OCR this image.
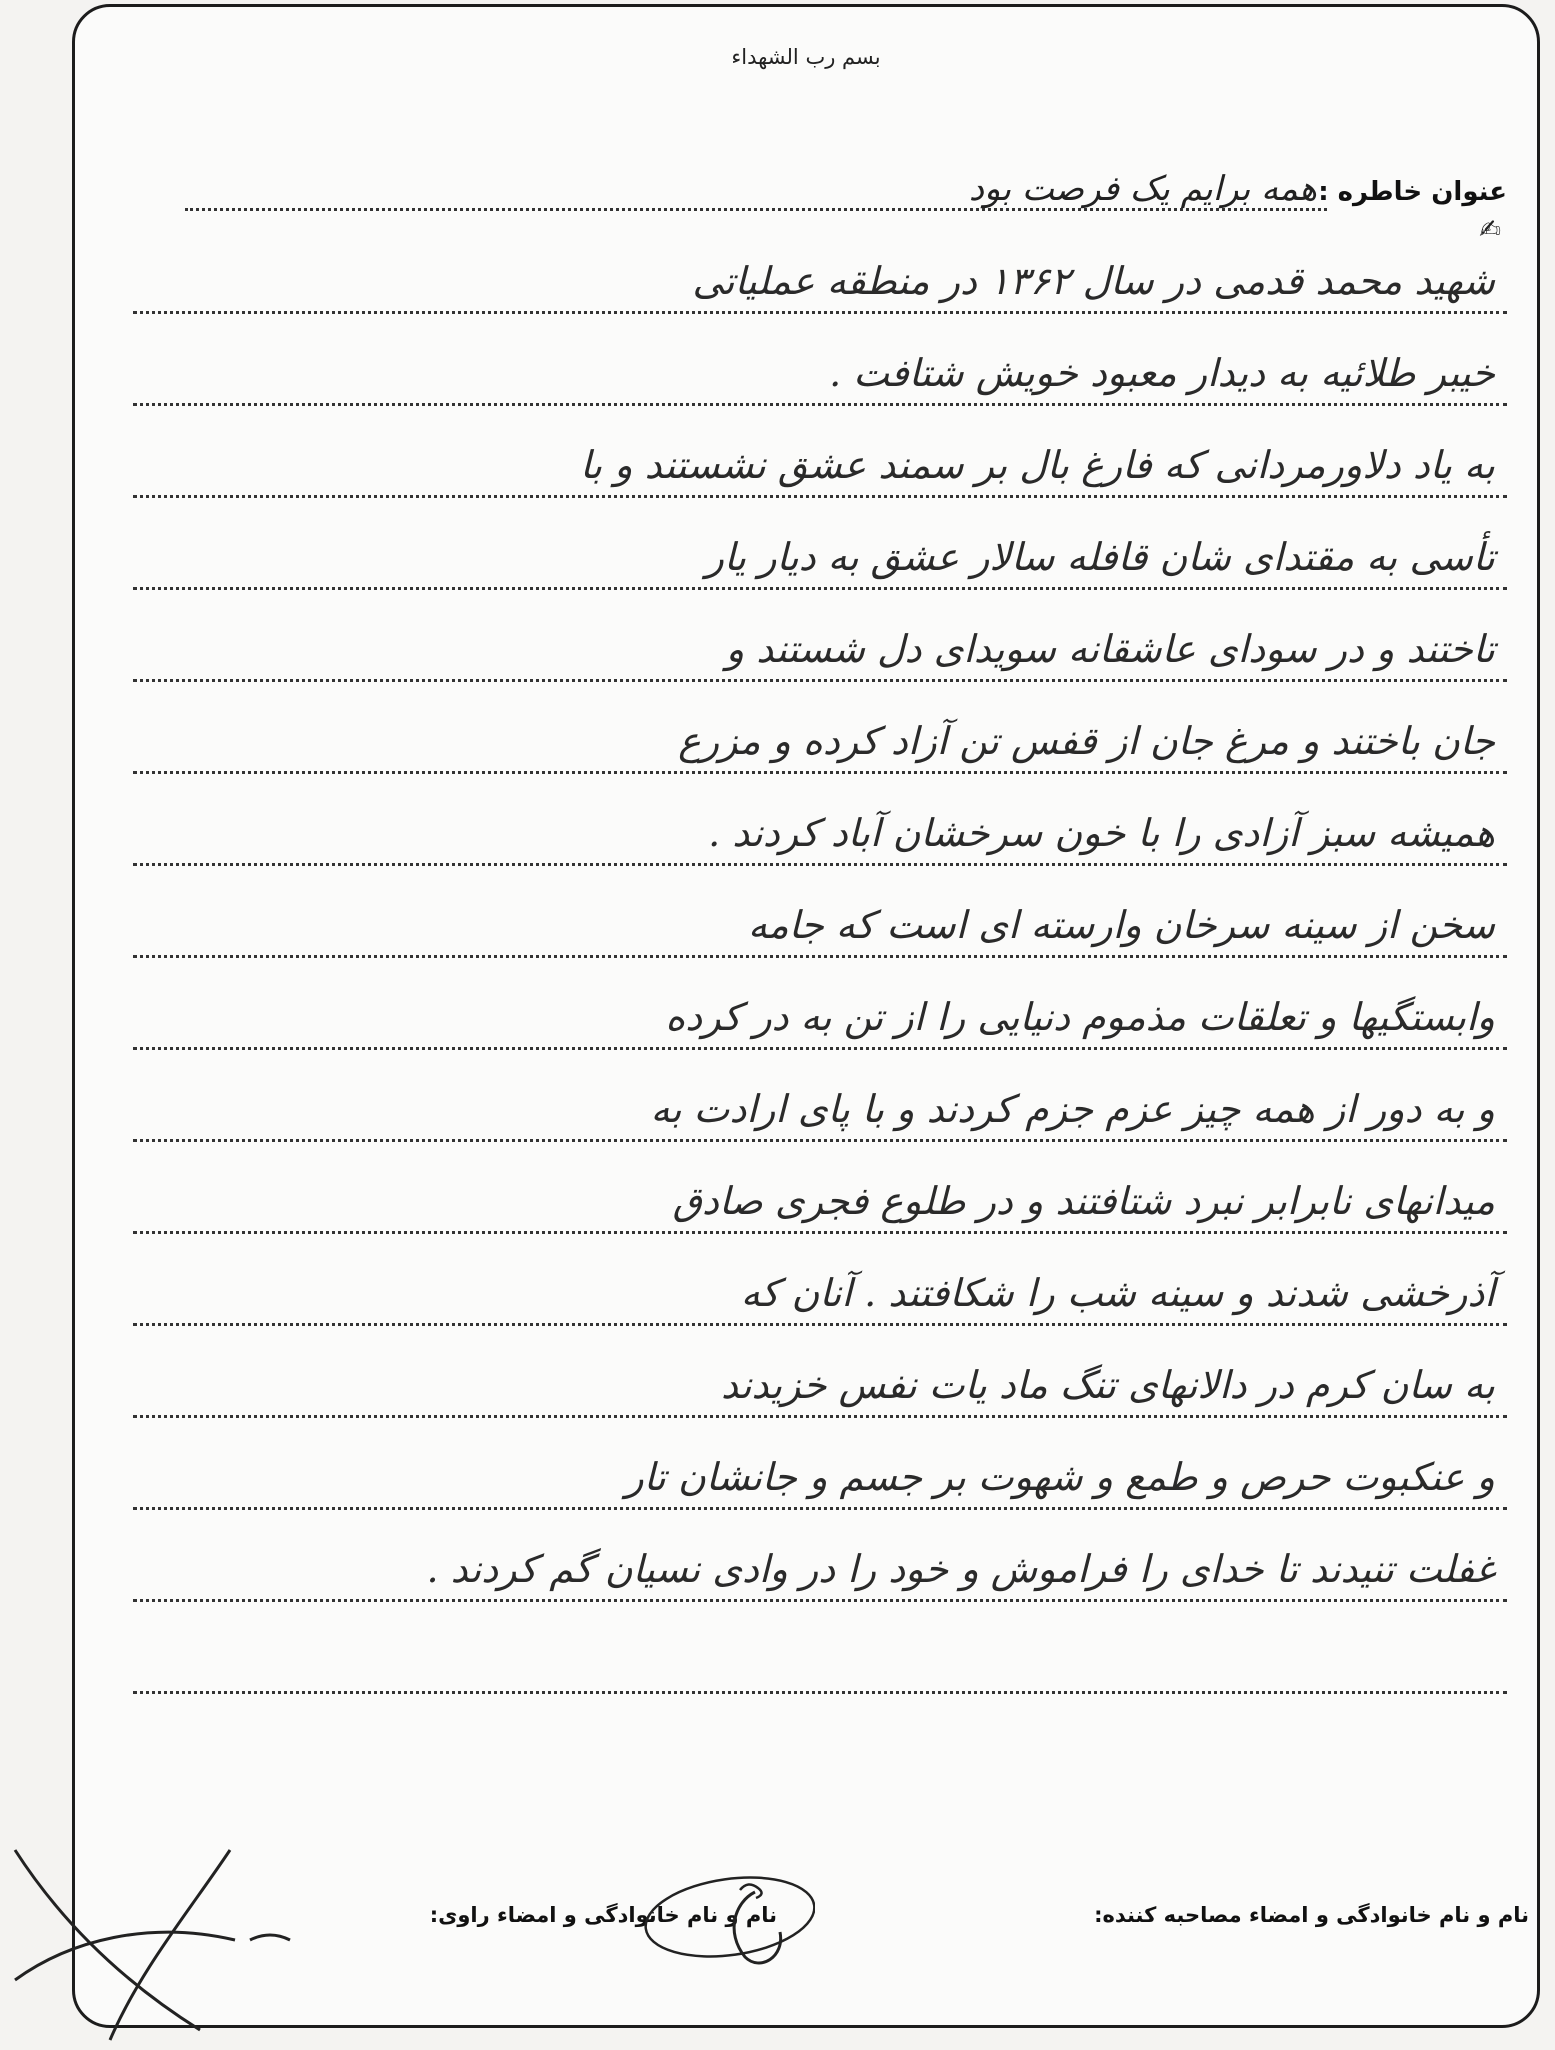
بسم رب الشهداء
عنوان خاطره :
همه برایم یک فرصت بود
شهید محمد قدمی در سال ۱۳۶۲ در منطقه عملیاتی
✍
خیبر طلائیه به دیدار معبود خویش شتافت .
به یاد دلاورمردانی که فارغ بال بر سمند عشق نشستند و با
تأسی به مقتدای شان قافله سالار عشق به دیار یار
تاختند و در سودای عاشقانه سویدای دل شستند و
جان باختند و مرغ جان از قفس تن آزاد کرده و مزرع
همیشه سبز آزادی را با خون سرخشان آباد کردند .
سخن از سینه سرخان وارسته ای است که جامه
وابستگیها و تعلقات مذموم دنیایی را از تن به در کرده
و به دور از همه چیز عزم جزم کردند و با پای ارادت به
میدانهای نابرابر نبرد شتافتند و در طلوع فجری صادق
آذرخشی شدند و سینه شب را شکافتند . آنان که
به سان کرم در دالانهای تنگ ماد یات نفس خزیدند
و عنکبوت حرص و طمع و شهوت بر جسم و جانشان تار
غفلت تنیدند تا خدای را فراموش و خود را در وادی نسیان گم کردند .
نام و نام خانوادگی و امضاء مصاحبه کننده:
نام و نام خانوادگی و امضاء راوی:
